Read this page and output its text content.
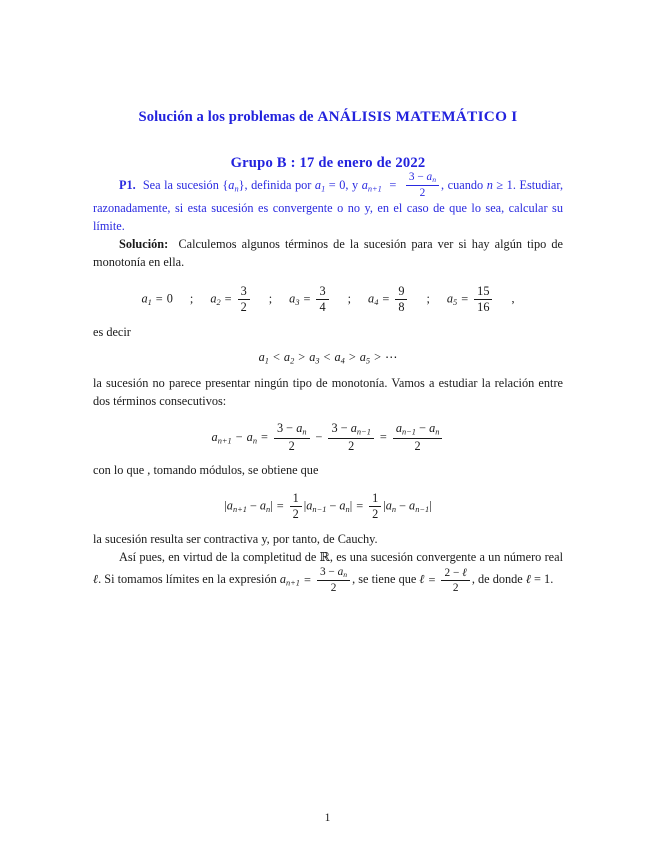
Solución a los problemas de ANÁLISIS MATEMÁTICO I
Grupo B : 17 de enero de 2022

P1. Sea la sucesión $\{a_n\}$, definida por $a_1 = 0$, y $a_{n+1} = \frac{3 - a_n}{2}$ , cuando n ≥ 1. Estudiar, razonadamente, si esta sucesión es convergente o no y, en el caso de que lo sea, calcular su límite.

Solución: Calculemos algunos términos de la sucesión para ver si hay algún tipo de monotonía en ella.

$a_1 = 0$ ; $a_2 = \frac{3}{2}$ ; $a_3 = \frac{3}{4}$ ; $a_4 = \frac{9}{8}$ ; $a_5 = \frac{15}{16}$ ,

es decir

$a_1 < a_2 > a_3 < a_4 > a_5$ > ⋯

la sucesión no parece presentar ningún tipo de monotonía. Vamos a estudiar la relación entre dos términos consecutivos:

$a_{n+1} - a_n = \frac{3 - a_n}{2} - \frac{3 - a_{n-1}}{2} = \frac{a_{n-1} - a_n}{2}$

con lo que , tomando módulos, se obtiene que

$|a_{n+1} - a_n| = \frac{1}{2} |a_{n-1} - a_n| = \frac{1}{2} |a_n - a_{n-1}|$

la sucesión resulta ser contractiva y, por tanto, de Cauchy.

Así pues, en virtud de la completitud de ℝ, es una sucesión convergente a un número real ℓ. Si tomamos límites en la expresión $a_{n+1} = \frac{3 - a_n}{2}$ , se tiene que ℓ = $\frac{\text{2 − ℓ}}{2}$ , de donde ℓ = 1.

1
